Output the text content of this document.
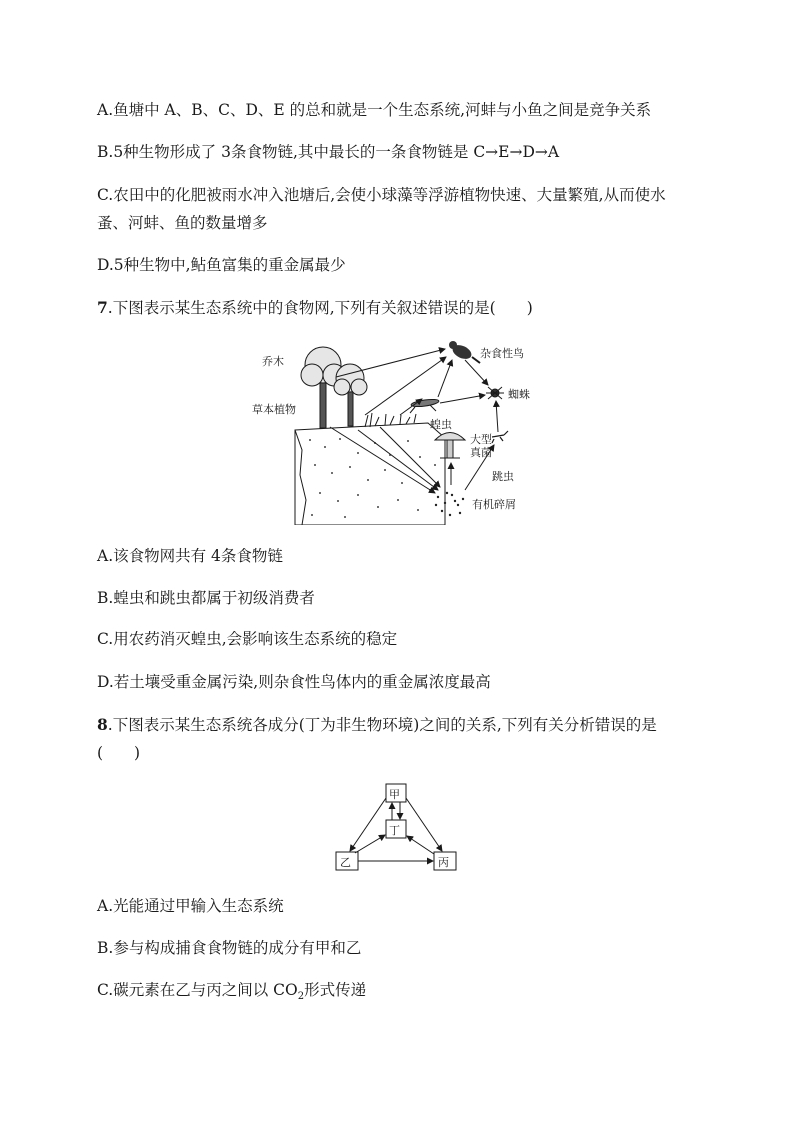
A.鱼塘中 A、B、C、D、E 的总和就是一个生态系统,河蚌与小鱼之间是竞争关系
B.5种生物形成了 3条食物链,其中最长的一条食物链是 C→E→D→A
C.农田中的化肥被雨水冲入池塘后,会使小球藻等浮游植物快速、大量繁殖,从而使水
蚤、河蚌、鱼的数量增多
D.5种生物中,鲇鱼富集的重金属最少
7.下图表示某生态系统中的食物网,下列有关叙述错误的是(　　)
乔木
草本植物
杂食性鸟
蜘蛛
蝗虫
大型
真菌
跳虫
有机碎屑
A.该食物网共有 4条食物链
B.蝗虫和跳虫都属于初级消费者
C.用农药消灭蝗虫,会影响该生态系统的稳定
D.若土壤受重金属污染,则杂食性鸟体内的重金属浓度最高
8.下图表示某生态系统各成分(丁为非生物环境)之间的关系,下列有关分析错误的是
(　　)
甲
丁
乙	丙
A.光能通过甲输入生态系统
B.参与构成捕食食物链的成分有甲和乙
C.碳元素在乙与丙之间以 $CO_2$形式传递
